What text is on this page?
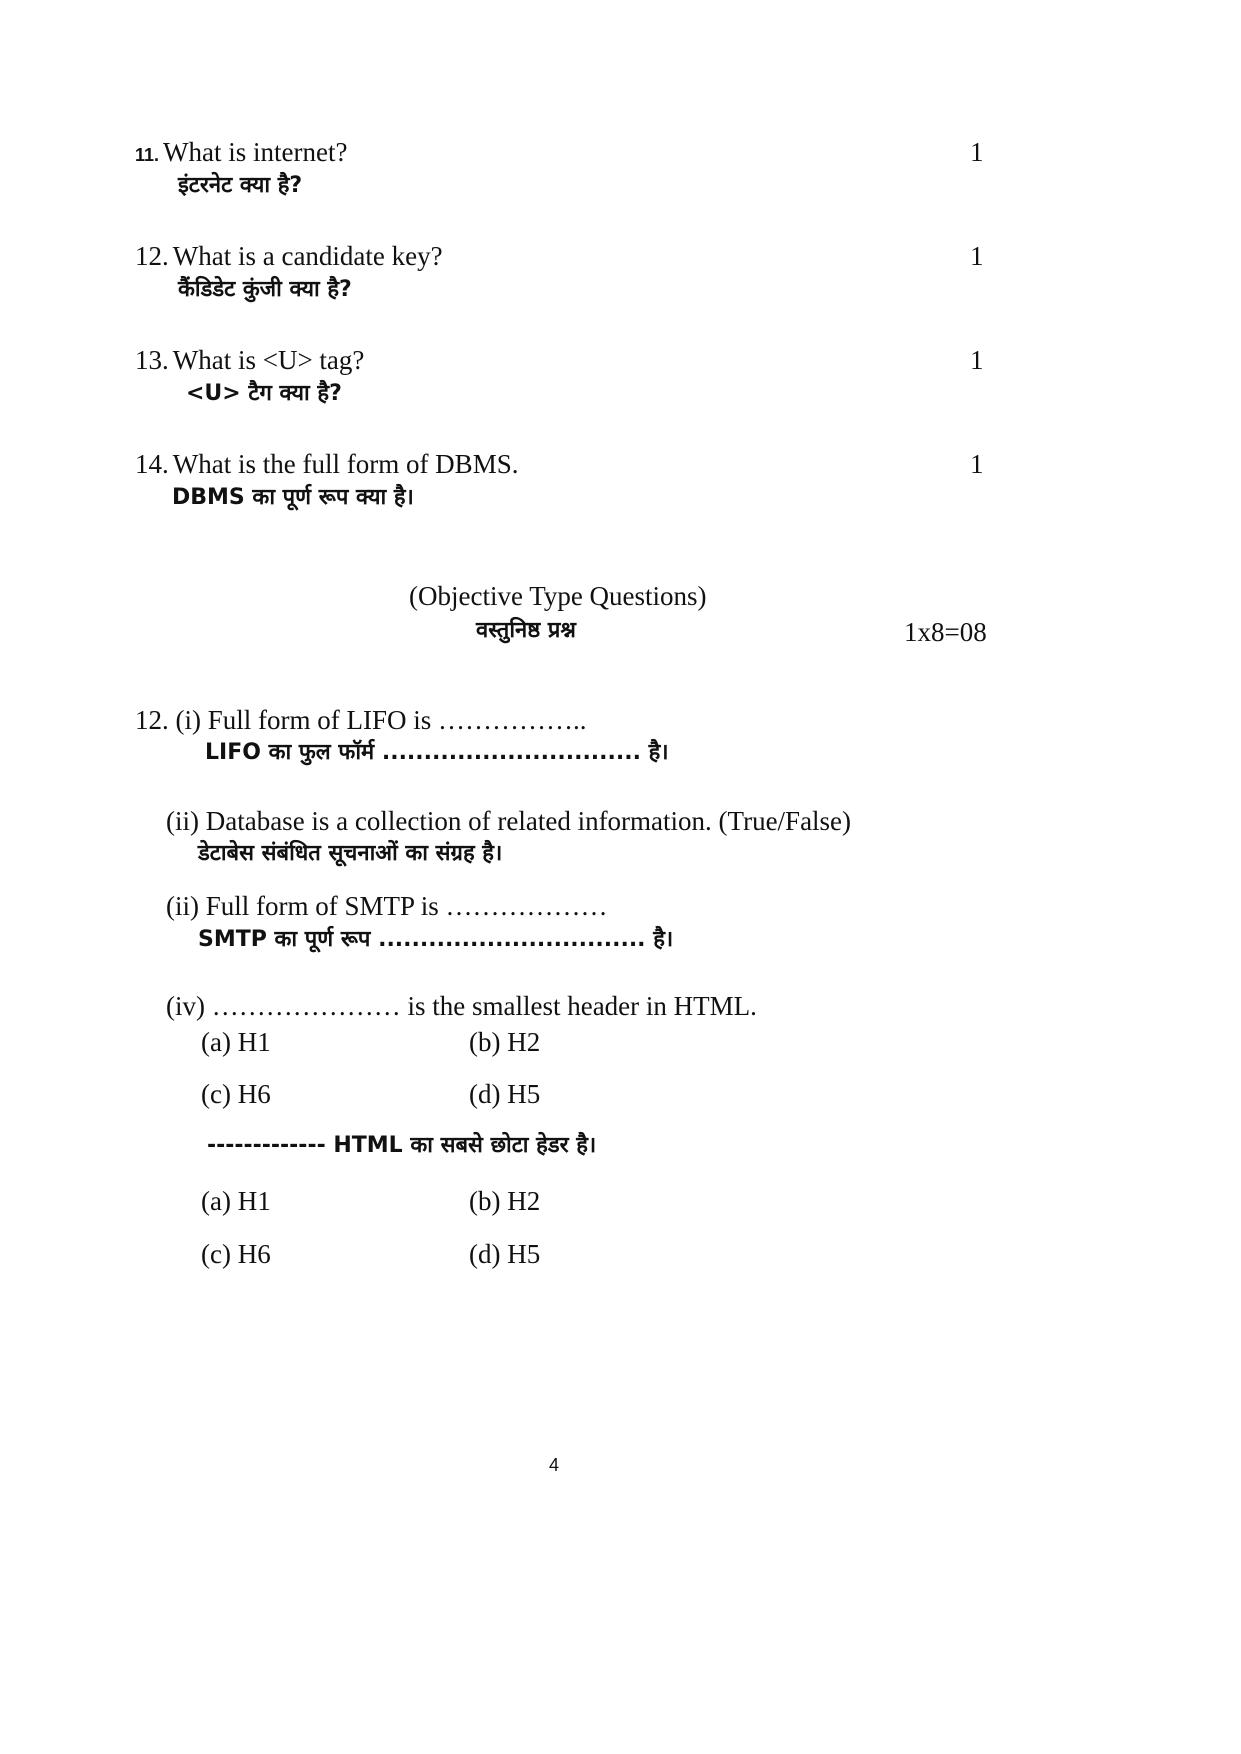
11. What is internet?
इंटरनेट क्या है?
1
12. What is a candidate key?
कैंडिडेट कुंजी क्या है?
1
13. What is <U> tag?
<U> टैग क्या है?
1
14. What is the full form of DBMS.
DBMS का पूर्ण रूप क्या है।
1
(Objective Type Questions)
वस्तुनिष्ठ प्रश्न	1x8=08
12. (i) Full form of LIFO is ……………..
LIFO का फुल फॉर्म ............................... है।
(ii) Database is a collection of related information. (True/False)
डेटाबेस संबंधित सूचनाओं का संग्रह है।
(ii) Full form of SMTP is ………………
SMTP का पूर्ण रूप ................................ है।
(iv) ………………… is the smallest header in HTML.
(a) H1	(b) H2
(c) H6	(d) H5
------------- HTML का सबसे छोटा हेडर है।
(a) H1	(b) H2
(c) H6	(d) H5
4
